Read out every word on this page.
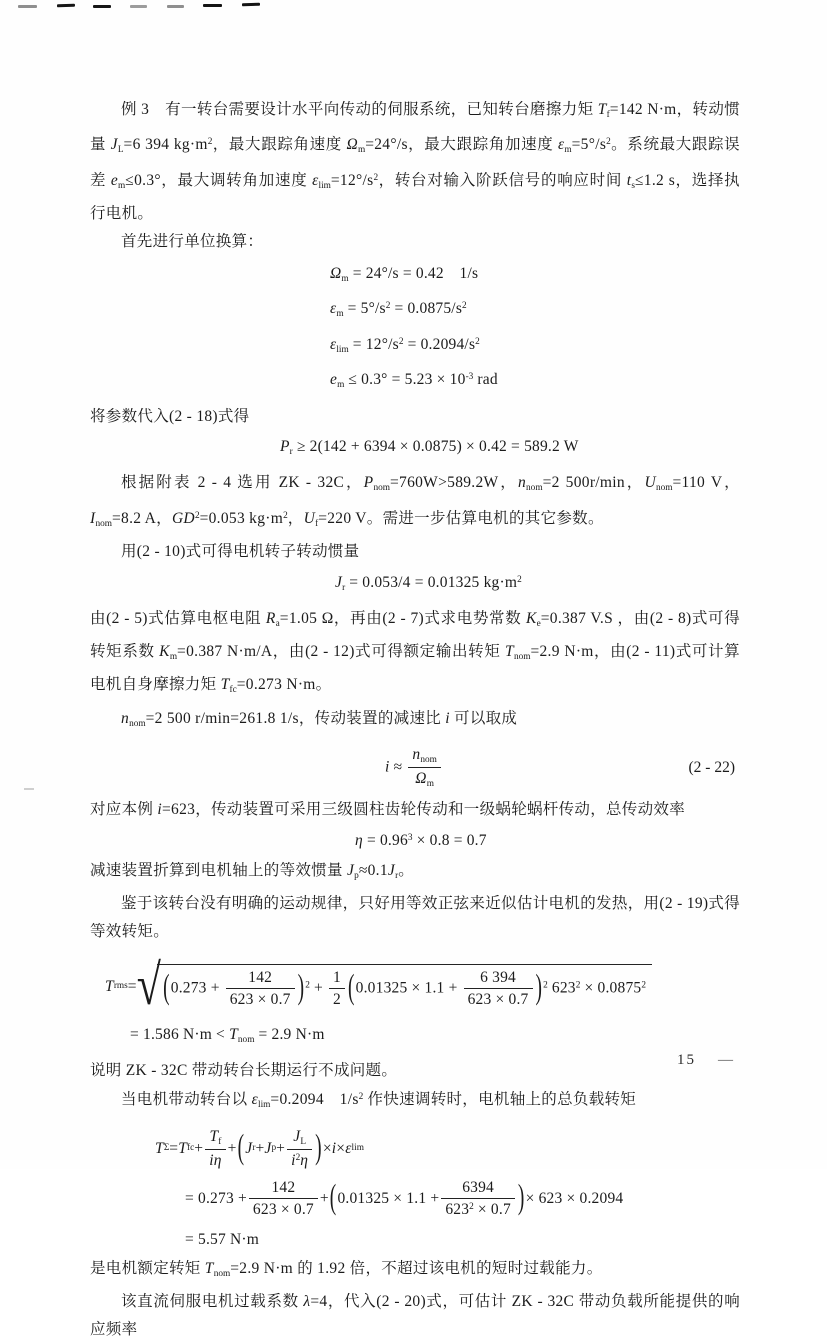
例 3　有一转台需要设计水平向传动的伺服系统，已知转台磨擦力矩 $T_f=142$ N·m，转动惯量 $J_L=6$ 394 $kg\cdot m^2$，最大跟踪角速度 $\Omega_m=24^\circ/s$，最大跟踪角加速度 $\varepsilon_m=5^\circ/s^2$。系统最大跟踪误差 $e_m\le 0.3^\circ$，最大调转角加速度 $\varepsilon_{lim}=12^\circ/s^2$，转台对输入阶跃信号的响应时间 $t_s\le 1.2$ s，选择执行电机。

首先进行单位换算：

$\Omega_m = 24^\circ/s = 0.42$　1/s
$\varepsilon_m = 5^\circ/s^2 = 0.0875/s^2$
$\varepsilon_{lim} = 12^\circ/s^2 = 0.2094/s^2$
$e_m \le 0.3^\circ = 5.23 \times 10^{-3}$ rad

将参数代入(2 - 18)式得

$P_r \ge 2(142 + 6394 \times 0.0875) \times 0.42 = 589.2$ W

根据附表 2 - 4 选用 ZK - 32C，$P_{nom}=760W>589.2W$，$n_{nom}=2$ 500r/min，$U_{nom}=110$ V，$I_{nom}=8.2$ A，$GD^2=0.053$ $kg\cdot m^2$，$U_f=220$ V。需进一步估算电机的其它参数。

用(2 - 10)式可得电机转子转动惯量

$J_r = 0.053/4 = 0.01325$ $kg\cdot m^2$

由(2 - 5)式估算电枢电阻 $R_a=1.05$ Ω，再由(2 - 7)式求电势常数 $K_e=0.387$ V.S ，由(2 - 8)式可得转矩系数 $K_m=0.387$ N·m/A，由(2 - 12)式可得额定输出转矩 $T_{nom}=2.9$ N·m，由(2 - 11)式可计算电机自身摩擦力矩 $T_{fc}=0.273$ N·m。

$n_{nom}=2$ 500 r/min=261.8 1/s，传动装置的减速比 i 可以取成

$i \approx \frac{n_{nom}}{\Omega_m}$	(2 - 22)

对应本例 i=623，传动装置可采用三级圆柱齿轮传动和一级蜗轮蜗杆传动，总传动效率

$\eta = 0.96^3 \times 0.8 = 0.7$

减速装置折算到电机轴上的等效惯量 $J_p\approx 0.1J_r$。

鉴于该转台没有明确的运动规律，只好用等效正弦来近似估计电机的发热，用(2 - 19)式得等效转矩。

T rms = √ $(0.273 + \frac{142}{623 \times 0.7} )^2 + \frac{1}{2} (0.01325 \times 1.1 + \frac{6 394}{623 \times 0.7} )^2$ $623^2 \times 0.0875^2$
= 1.586 $N\cdot m < T_{nom} = 2.9$ N·m

说明 ZK - 32C 带动转台长期运行不成问题。

当电机带动转台以 $\varepsilon_{lim}=0.2094$　$1/s^2$ 作快速调转时，电机轴上的总负载转矩

T Σ = T fc + $\frac{T_f}{i\eta}$ + ( J r + J $p + \frac{J_L}{i^2\eta}$ ) × i × ε lim
= $0.273 + \frac{142}{623 \times 0.7}$ + ( $0.01325 \times 1.1 + \frac{6394}{623^2 \times 0.7}$ ) × 623 × 0.2094
= 5.57 N·m

是电机额定转矩 $T_{nom}=2.9$ N·m 的 1.92 倍，不超过该电机的短时过载能力。

该直流伺服电机过载系数 λ=4，代入(2 - 20)式，可估计 ZK - 32C 带动负载所能提供的响应频率

15 —
